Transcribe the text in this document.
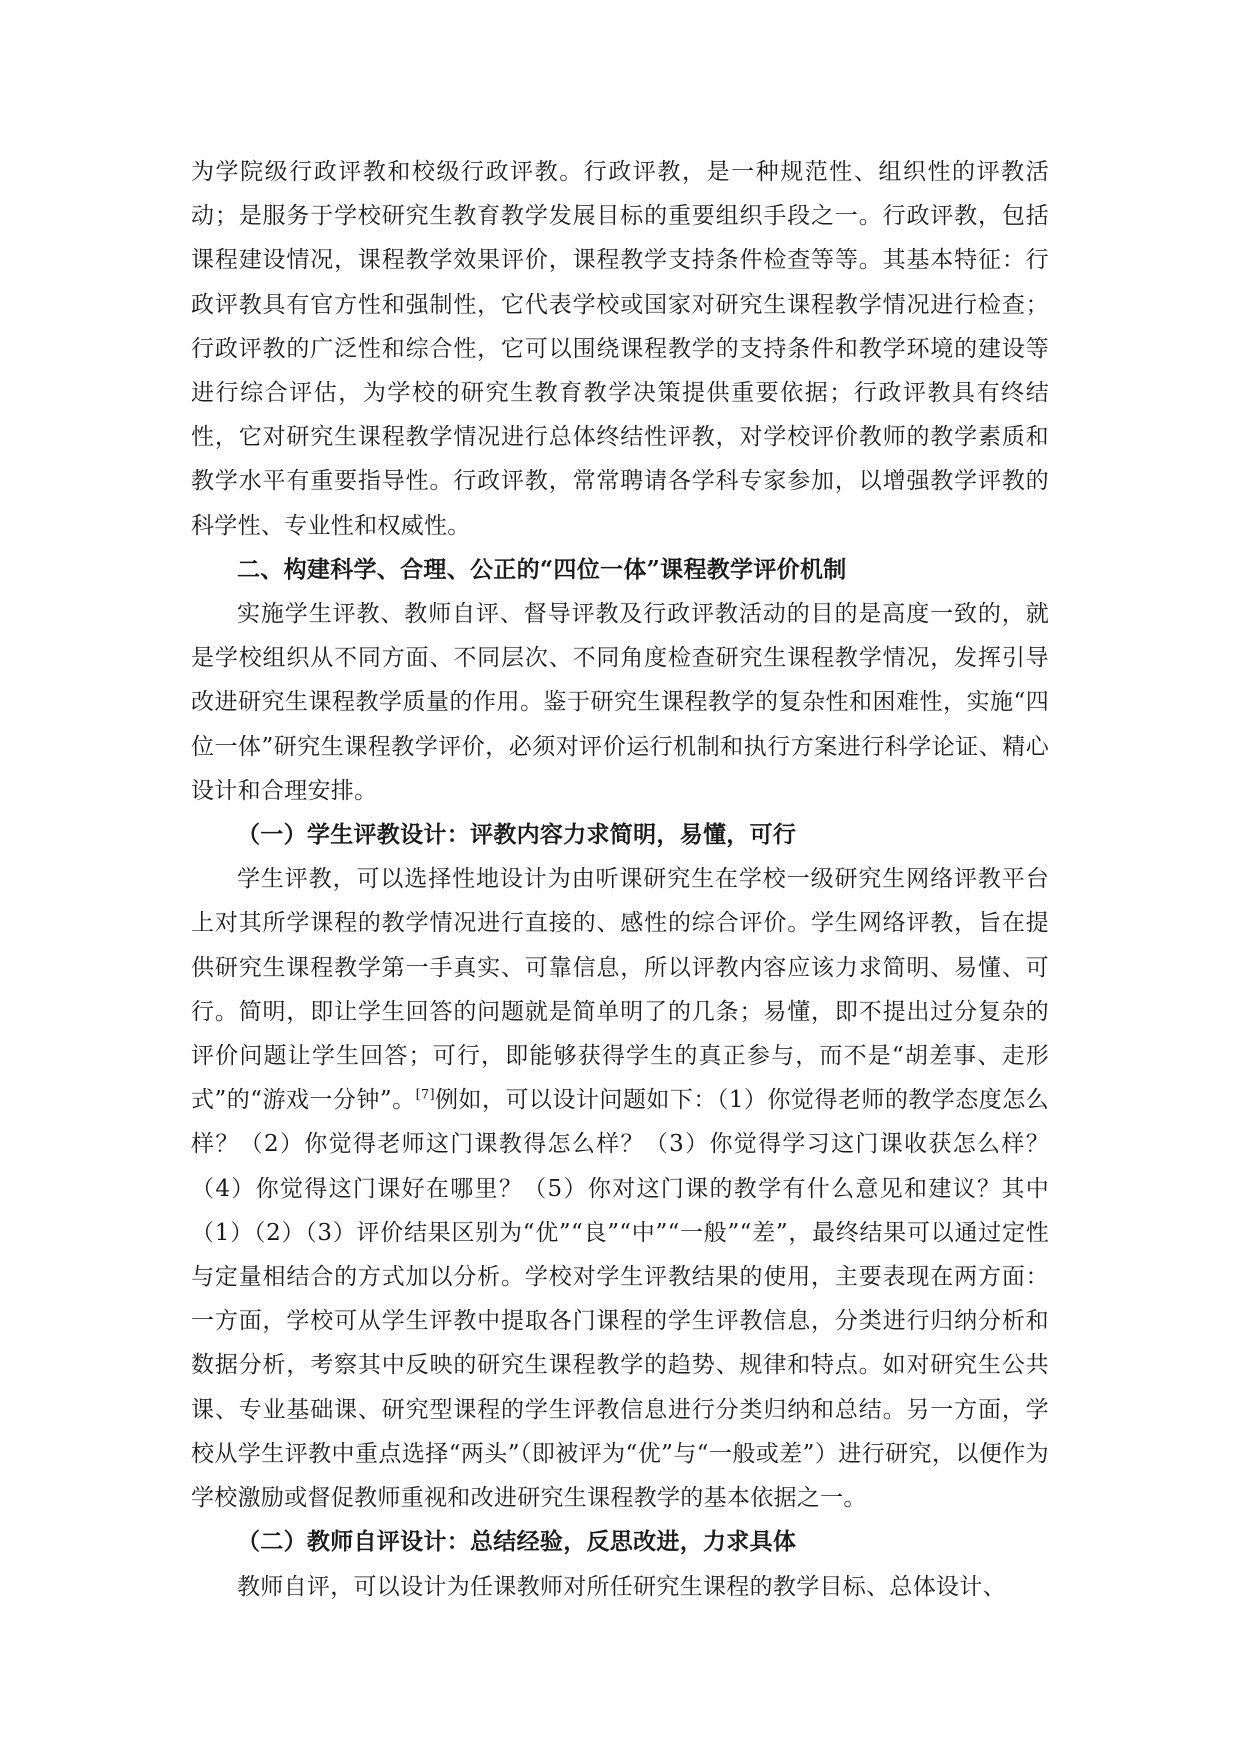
为学院级行政评教和校级行政评教。行政评教，是一种规范性、组织性的评教活动；是服务于学校研究生教育教学发展目标的重要组织手段之一。行政评教，包括课程建设情况，课程教学效果评价，课程教学支持条件检查等等。其基本特征：行政评教具有官方性和强制性，它代表学校或国家对研究生课程教学情况进行检查；行政评教的广泛性和综合性，它可以围绕课程教学的支持条件和教学环境的建设等进行综合评估，为学校的研究生教育教学决策提供重要依据；行政评教具有终结性，它对研究生课程教学情况进行总体终结性评教，对学校评价教师的教学素质和教学水平有重要指导性。行政评教，常常聘请各学科专家参加，以增强教学评教的科学性、专业性和权威性。

二、构建科学、合理、公正的“四位一体”课程教学评价机制

实施学生评教、教师自评、督导评教及行政评教活动的目的是高度一致的，就是学校组织从不同方面、不同层次、不同角度检查研究生课程教学情况，发挥引导改进研究生课程教学质量的作用。鉴于研究生课程教学的复杂性和困难性，实施“四位一体”研究生课程教学评价，必须对评价运行机制和执行方案进行科学论证、精心设计和合理安排。

（一）学生评教设计：评教内容力求简明，易懂，可行

学生评教，可以选择性地设计为由听课研究生在学校一级研究生网络评教平台上对其所学课程的教学情况进行直接的、感性的综合评价。学生网络评教，旨在提供研究生课程教学第一手真实、可靠信息，所以评教内容应该力求简明、易懂、可行。简明，即让学生回答的问题就是简单明了的几条；易懂，即不提出过分复杂的评价问题让学生回答；可行，即能够获得学生的真正参与，而不是“胡差事、走形式”的“游戏一分钟”。[7]例如，可以设计问题如下：（1）你觉得老师的教学态度怎么样？（2）你觉得老师这门课教得怎么样？（3）你觉得学习这门课收获怎么样？（4）你觉得这门课好在哪里？（5）你对这门课的教学有什么意见和建议？其中（1）（2）（3）评价结果区别为“优”“良”“中”“一般”“差”，最终结果可以通过定性与定量相结合的方式加以分析。学校对学生评教结果的使用，主要表现在两方面：一方面，学校可从学生评教中提取各门课程的学生评教信息，分类进行归纳分析和数据分析，考察其中反映的研究生课程教学的趋势、规律和特点。如对研究生公共课、专业基础课、研究型课程的学生评教信息进行分类归纳和总结。另一方面，学校从学生评教中重点选择“两头”（即被评为“优”与“一般或差”）进行研究，以便作为学校激励或督促教师重视和改进研究生课程教学的基本依据之一。

（二）教师自评设计：总结经验，反思改进，力求具体

教师自评，可以设计为任课教师对所任研究生课程的教学目标、总体设计、
